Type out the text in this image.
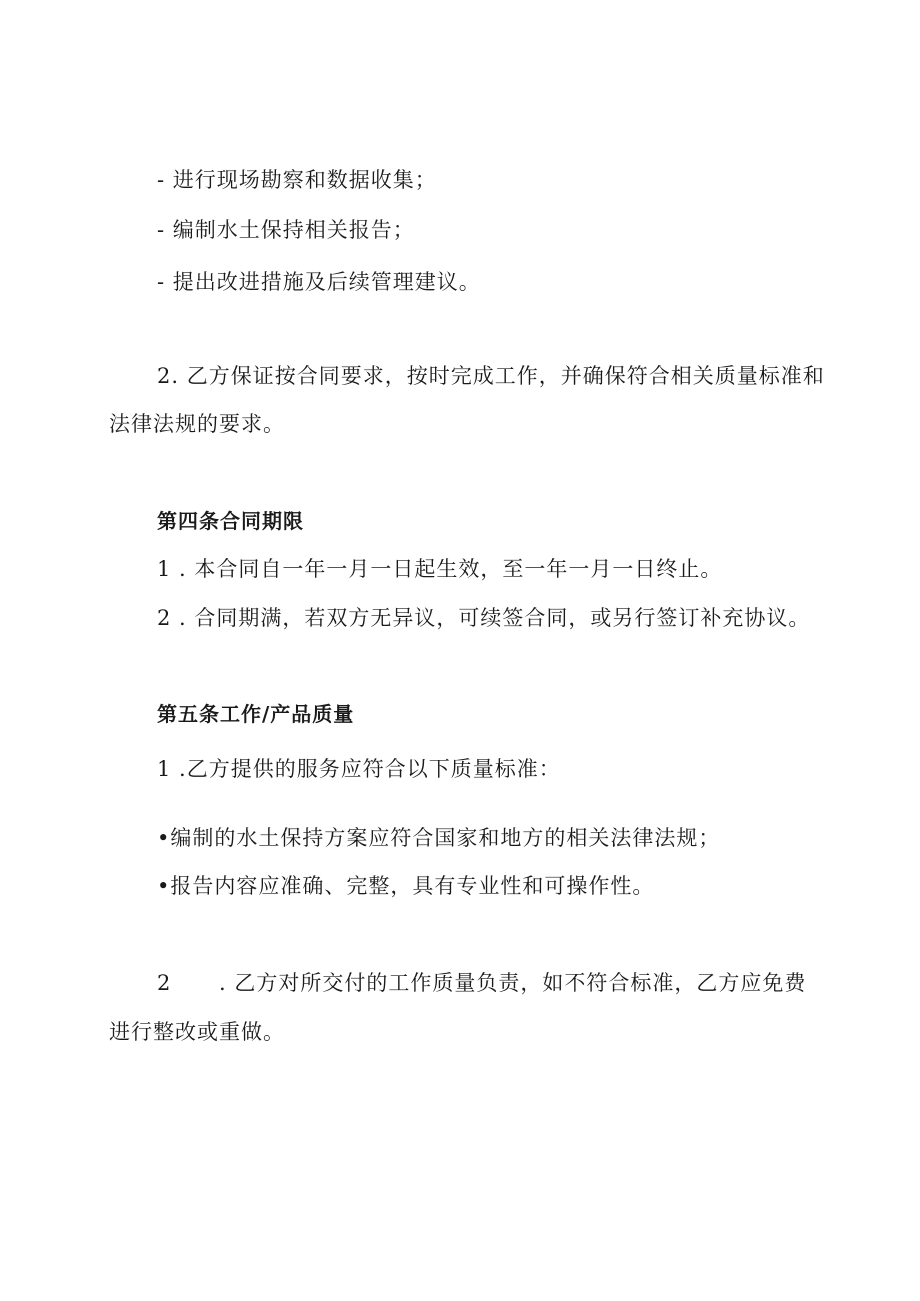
- 进行现场勘察和数据收集；
- 编制水土保持相关报告；
- 提出改进措施及后续管理建议。
2. 乙方保证按合同要求，按时完成工作，并确保符合相关质量标准和
法律法规的要求。
第四条合同期限
1 . 本合同自一年一月一日起生效，至一年一月一日终止。
2 . 合同期满，若双方无异议，可续签合同，或另行签订补充协议。
第五条工作/产品质量
1 .乙方提供的服务应符合以下质量标准：
•编制的水土保持方案应符合国家和地方的相关法律法规；
•报告内容应准确、完整，具有专业性和可操作性。
2 . 乙方对所交付的工作质量负责，如不符合标准，乙方应免费
进行整改或重做。
